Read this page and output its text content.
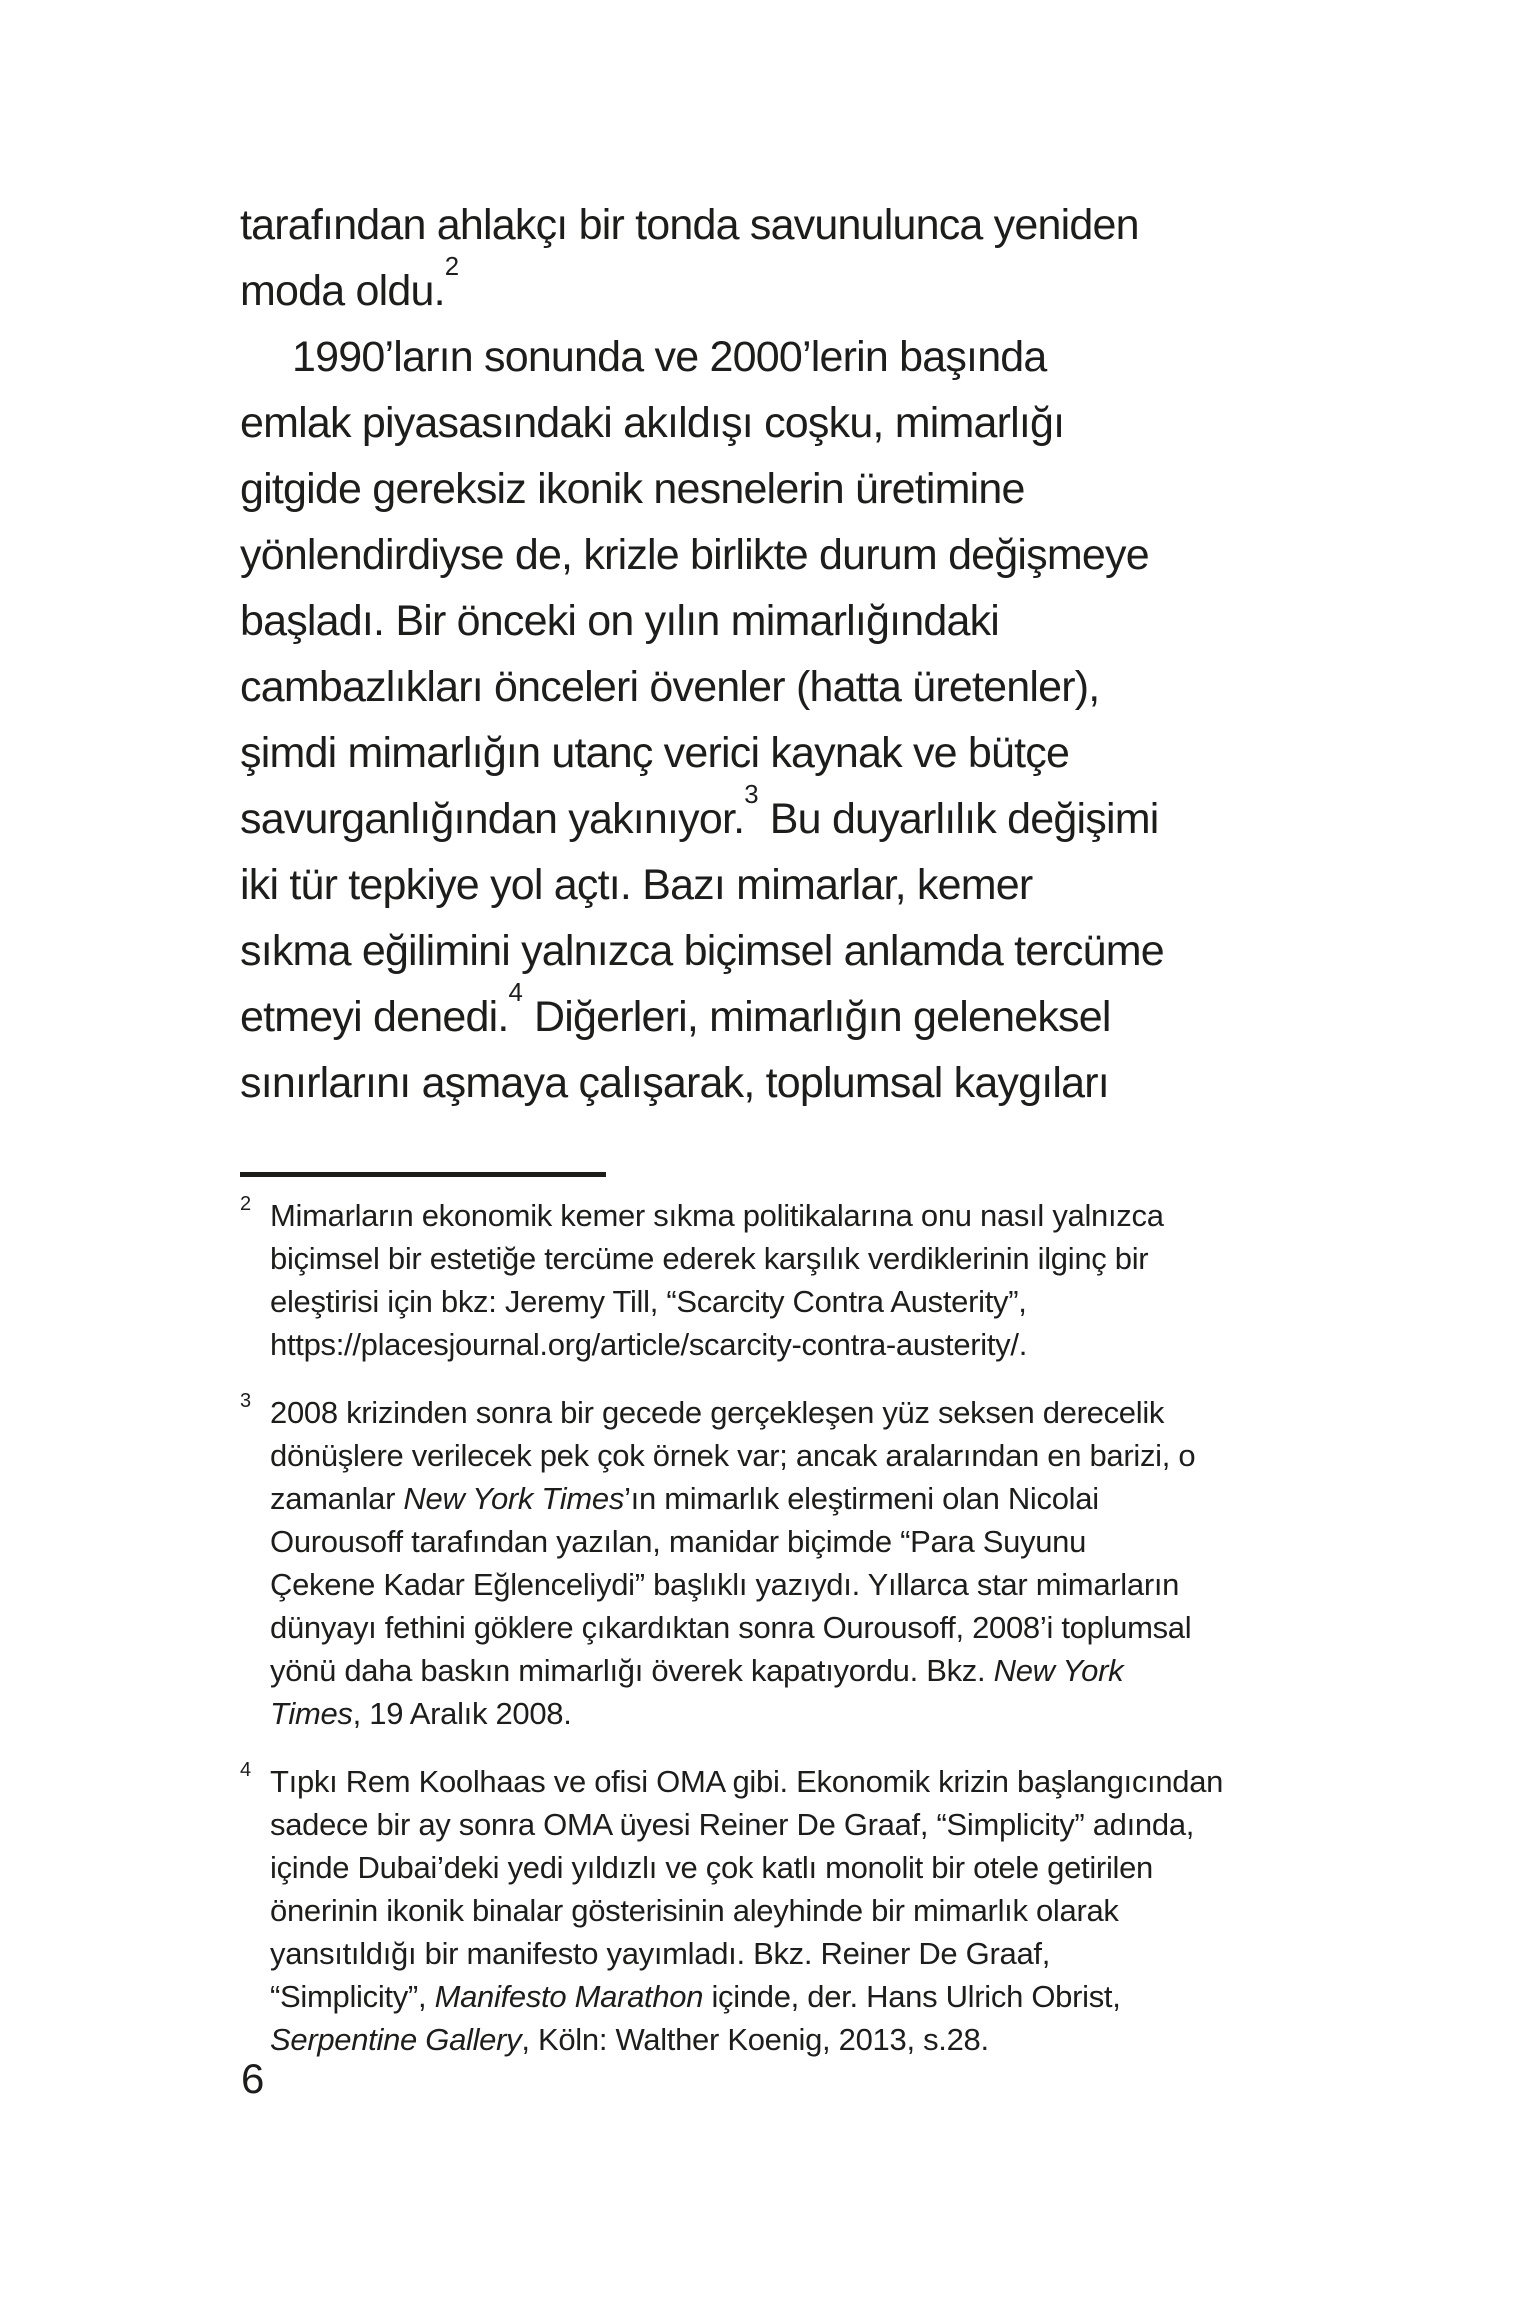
tarafından ahlakçı bir tonda savunulunca yeniden
moda oldu.$^2$

1990’ların sonunda ve 2000’lerin başında
emlak piyasasındaki akıldışı coşku, mimarlığı
gitgide gereksiz ikonik nesnelerin üretimine
yönlendirdiyse de, krizle birlikte durum değişmeye
başladı. Bir önceki on yılın mimarlığındaki
cambazlıkları önceleri övenler (hatta üretenler),
şimdi mimarlığın utanç verici kaynak ve bütçe
savurganlığından yakınıyor.$^3$ Bu duyarlılık değişimi
iki tür tepkiye yol açtı. Bazı mimarlar, kemer
sıkma eğilimini yalnızca biçimsel anlamda tercüme
etmeyi denedi.$^4$ Diğerleri, mimarlığın geleneksel
sınırlarını aşmaya çalışarak, toplumsal kaygıları

2 Mimarların ekonomik kemer sıkma politikalarına onu nasıl yalnızca
biçimsel bir estetiğe tercüme ederek karşılık verdiklerinin ilginç bir
eleştirisi için bkz: Jeremy Till, “Scarcity Contra Austerity”,
https://placesjournal.org/article/scarcity-contra-austerity/.
3 2008 krizinden sonra bir gecede gerçekleşen yüz seksen derecelik
dönüşlere verilecek pek çok örnek var; ancak aralarından en barizi, o
zamanlar New York Times’ın mimarlık eleştirmeni olan Nicolai
Ourousoff tarafından yazılan, manidar biçimde “Para Suyunu
Çekene Kadar Eğlenceliydi” başlıklı yazıydı. Yıllarca star mimarların
dünyayı fethini göklere çıkardıktan sonra Ourousoff, 2008’i toplumsal
yönü daha baskın mimarlığı överek kapatıyordu. Bkz. New York
Times, 19 Aralık 2008.
4 Tıpkı Rem Koolhaas ve ofisi OMA gibi. Ekonomik krizin başlangıcından
sadece bir ay sonra OMA üyesi Reiner De Graaf, “Simplicity” adında,
içinde Dubai’deki yedi yıldızlı ve çok katlı monolit bir otele getirilen
önerinin ikonik binalar gösterisinin aleyhinde bir mimarlık olarak
yansıtıldığı bir manifesto yayımladı. Bkz. Reiner De Graaf,
“Simplicity”, Manifesto Marathon içinde, der. Hans Ulrich Obrist,
Serpentine Gallery, Köln: Walther Koenig, 2013, s.28.
6
